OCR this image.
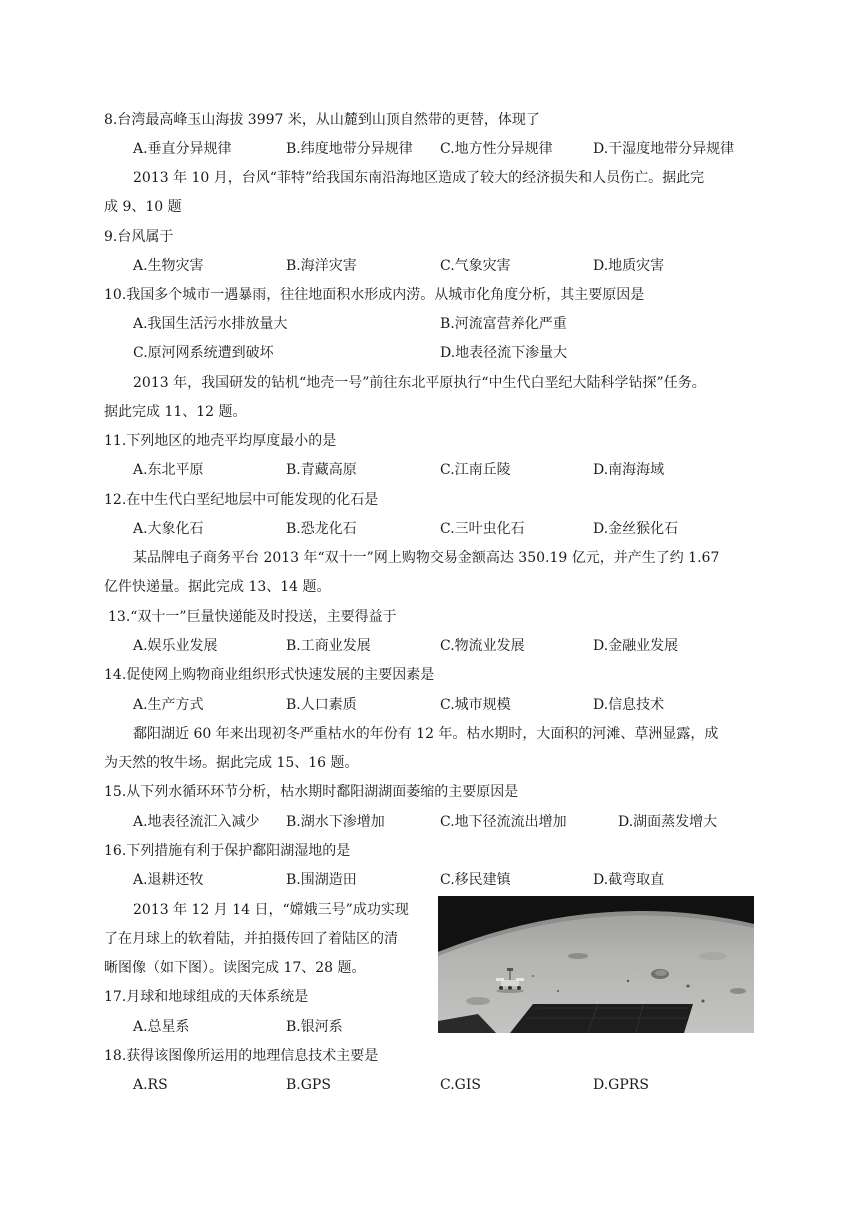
8.台湾最高峰玉山海拔 3997 米，从山麓到山顶自然带的更替，体现了
A.垂直分异规律	B.纬度地带分异规律 C.地方性分异规律	D.干湿度地带分异规律
2013 年 10 月，台风“菲特”给我国东南沿海地区造成了较大的经济损失和人员伤亡。据此完
成 9、10 题
9.台风属于
A.生物灾害	B.海洋灾害	C.气象灾害	D.地质灾害
10.我国多个城市一遇暴雨，往往地面积水形成内涝。从城市化角度分析，其主要原因是
A.我国生活污水排放量大	B.河流富营养化严重
C.原河网系统遭到破坏	D.地表径流下渗量大
2013 年，我国研发的钻机“地壳一号”前往东北平原执行“中生代白垩纪大陆科学钻探”任务。
据此完成 11、12 题。
11.下列地区的地壳平均厚度最小的是
A.东北平原	B.青藏高原	C.江南丘陵	D.南海海域
12.在中生代白垩纪地层中可能发现的化石是
A.大象化石	B.恐龙化石	C.三叶虫化石	D.金丝猴化石
某品牌电子商务平台 2013 年“双十一”网上购物交易金额高达 350.19 亿元，并产生了约 1.67
亿件快递量。据此完成 13、14 题。
13.“双十一”巨量快递能及时投送，主要得益于
A.娱乐业发展	B.工商业发展	C.物流业发展	D.金融业发展
14.促使网上购物商业组织形式快速发展的主要因素是
A.生产方式	B.人口素质	C.城市规模	D.信息技术
鄱阳湖近 60 年来出现初冬严重枯水的年份有 12 年。枯水期时，大面积的河滩、草洲显露，成
为天然的牧牛场。据此完成 15、16 题。
15.从下列水循环环节分析，枯水期时鄱阳湖湖面萎缩的主要原因是
A.地表径流汇入减少 B.湖水下渗增加	C.地下径流流出增加	D.湖面蒸发增大
16.下列措施有利于保护鄱阳湖湿地的是
A.退耕还牧	B.围湖造田	C.移民建镇	D.截弯取直
2013 年 12 月 14 日，“嫦娥三号”成功实现
了在月球上的软着陆，并拍摄传回了着陆区的清
晰图像（如下图）。读图完成 17、28 题。
17.月球和地球组成的天体系统是
A.总星系	B.银河系
18.获得该图像所运用的地理信息技术主要是
A.RS	B.GPS	C.GIS	D.GPRS
